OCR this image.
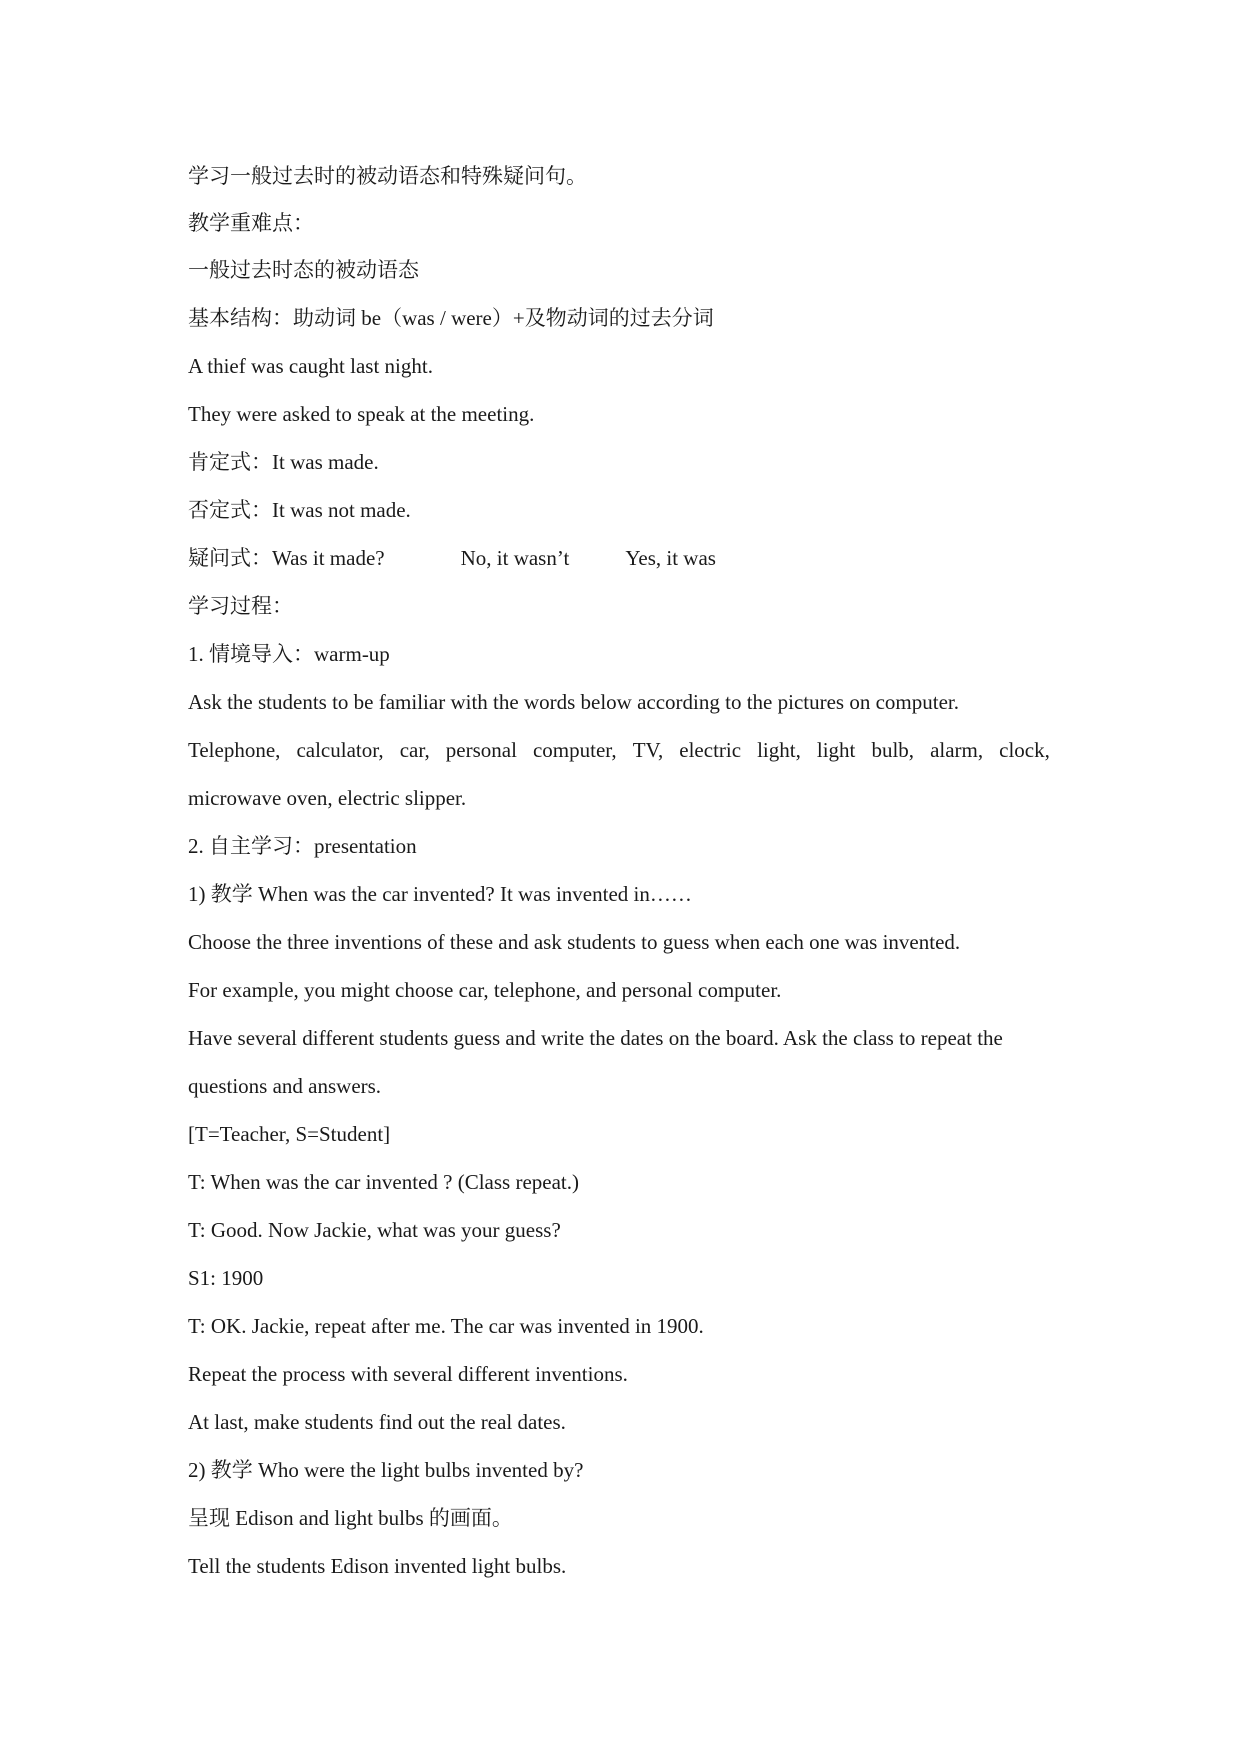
学习一般过去时的被动语态和特殊疑问句。
教学重难点：
一般过去时态的被动语态
基本结构：助动词 be（was / were）+及物动词的过去分词
A thief was caught last night.
They were asked to speak at the meeting.
肯定式：It was made.
否定式：It was not made.
疑问式：Was it made?	No, it wasn’t	Yes, it was
学习过程：
1. 情境导入：warm-up
Ask the students to be familiar with the words below according to the pictures on computer.
Telephone, calculator, car, personal computer, TV, electric light, light bulb, alarm, clock,
microwave oven, electric slipper.
2. 自主学习：presentation
1) 教学 When was the car invented? It was invented in……
Choose the three inventions of these and ask students to guess when each one was invented.
For example, you might choose car, telephone, and personal computer.
Have several different students guess and write the dates on the board. Ask the class to repeat the
questions and answers.
[T=Teacher, S=Student]
T: When was the car invented ? (Class repeat.)
T: Good. Now Jackie, what was your guess?
S1: 1900
T: OK. Jackie, repeat after me. The car was invented in 1900.
Repeat the process with several different inventions.
At last, make students find out the real dates.
2) 教学 Who were the light bulbs invented by?
呈现 Edison and light bulbs 的画面。
Tell the students Edison invented light bulbs.
